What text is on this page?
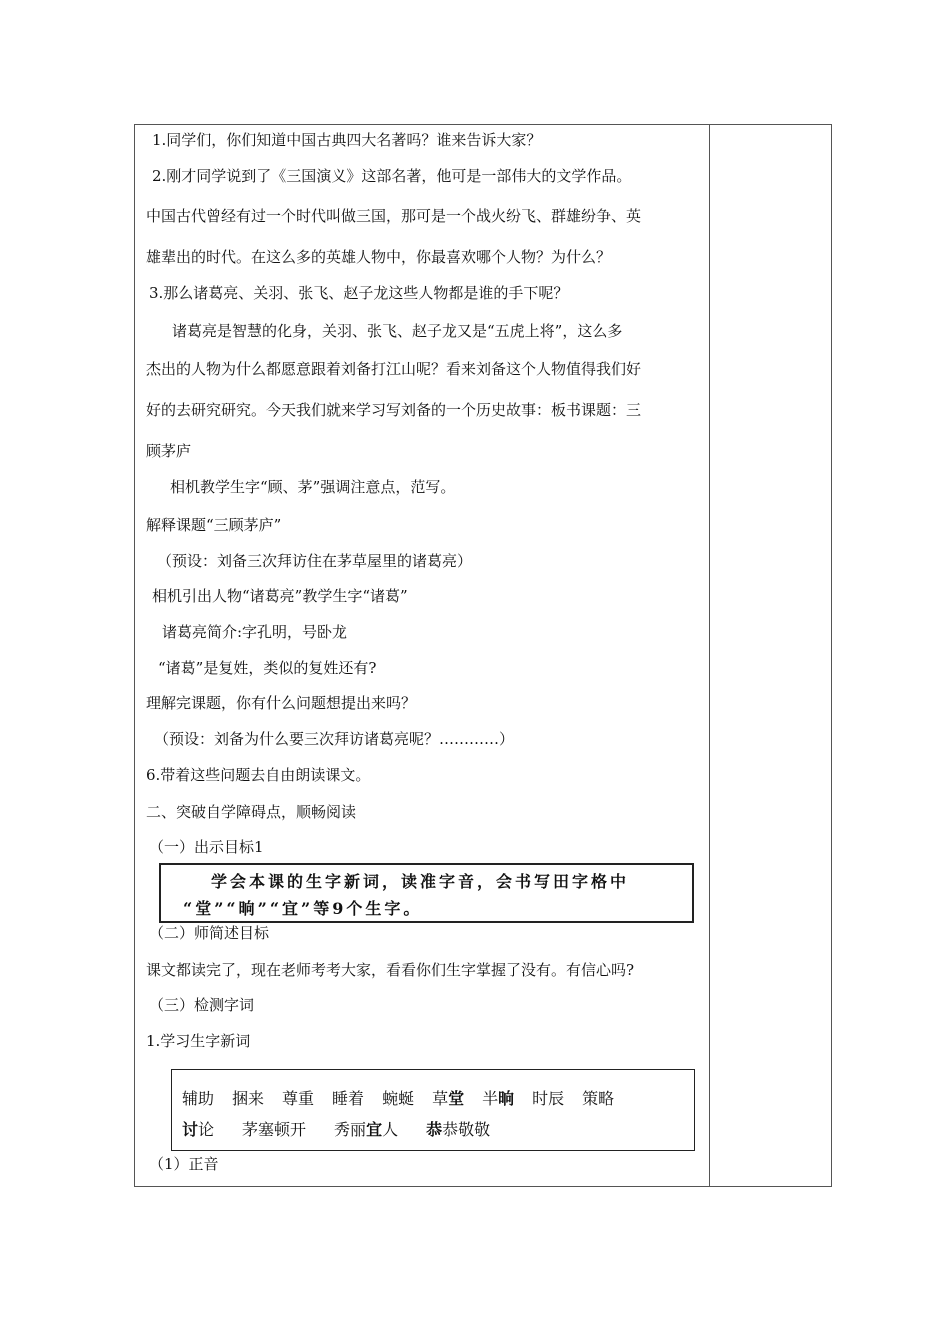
1.同学们，你们知道中国古典四大名著吗？谁来告诉大家？

2.刚才同学说到了《三国演义》这部名著，他可是一部伟大的文学作品。

中国古代曾经有过一个时代叫做三国，那可是一个战火纷飞、群雄纷争、英

雄辈出的时代。在这么多的英雄人物中，你最喜欢哪个人物？为什么？

3.那么诸葛亮、关羽、张飞、赵子龙这些人物都是谁的手下呢？

诸葛亮是智慧的化身，关羽、张飞、赵子龙又是“五虎上将”，这么多

杰出的人物为什么都愿意跟着刘备打江山呢？看来刘备这个人物值得我们好

好的去研究研究。今天我们就来学习写刘备的一个历史故事：板书课题：三

顾茅庐

相机教学生字“顾、茅”强调注意点，范写。

解释课题“三顾茅庐”

（预设：刘备三次拜访住在茅草屋里的诸葛亮）

相机引出人物“诸葛亮”教学生字“诸葛”

诸葛亮简介:字孔明，号卧龙

“诸葛”是复姓，类似的复姓还有?

理解完课题，你有什么问题想提出来吗？

（预设：刘备为什么要三次拜访诸葛亮呢？…………）

6.带着这些问题去自由朗读课文。

二、突破自学障碍点，顺畅阅读

（一）出示目标1

学会本课的生字新词，读准字音，会书写田字格中
“堂”“晌”“宜”等9个生字。

（二）师简述目标

课文都读完了，现在老师考考大家，看看你们生字掌握了没有。有信心吗?

（三）检测字词

1.学习生字新词

辅助 捆来 尊重 睡着 蜿蜒 草堂 半晌 时辰 策略
讨论 茅塞顿开 秀丽宜人 恭恭敬敬

（1）正音
